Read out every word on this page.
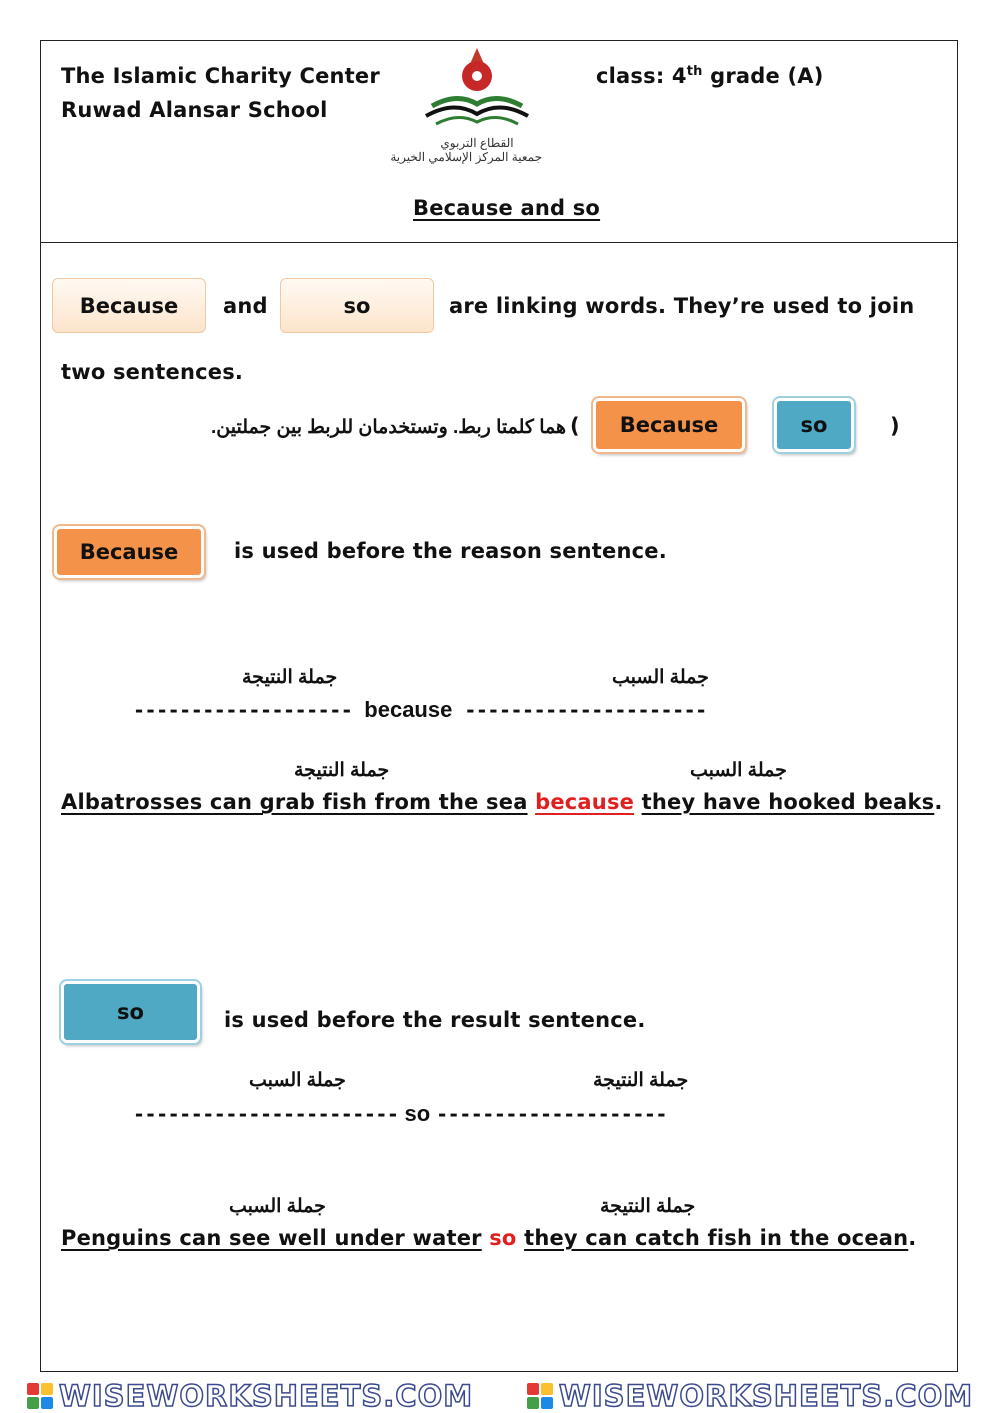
The Islamic Charity Center
Ruwad Alansar School
القطاع التربوي
جمعية المركز الإسلامي الخيرية
class: 4th grade (A)
Because and so
Because	and	so	are linking words. They’re used to join
two sentences.
(
هما كلمتا ربط. وتستخدمان للربط بين جملتين.	Because	so	)
Because	is used before the reason sentence.
جملة النتيجة	جملة السبب
------------------- because ---------------------
جملة النتيجة	جملة السبب
Albatrosses can grab fish from the sea because they have hooked beaks.
so	is used before the result sentence.
جملة السبب	جملة النتيجة
----------------------- so --------------------
جملة السبب	جملة النتيجة
Penguins can see well under water so they can catch fish in the ocean.
WISEWORKSHEETS.COM	WISEWORKSHEETS.COM
